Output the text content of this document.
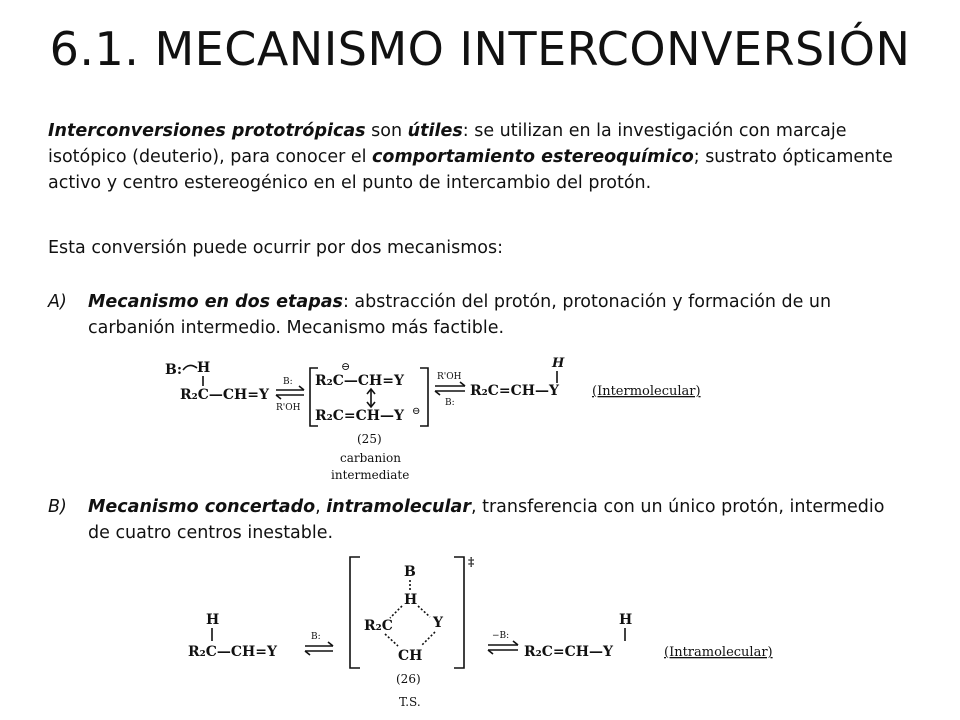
6.1. MECANISMO INTERCONVERSIÓN

Interconversiones prototrópicas son útiles: se utilizan en la investigación con marcaje isotópico (deuterio), para conocer el comportamiento estereoquímico; sustrato ópticamente activo y centro estereogénico en el punto de intercambio del protón.

Esta conversión puede ocurrir por dos mecanismos:

A) Mecanismo en dos etapas: abstracción del protón, protonación y formación de un carbanión intermedio. Mecanismo más factible.
B) Mecanismo concertado, intramolecular, transferencia con un único protón, intermedio de cuatro centros inestable.
B: H
R₂C—CH=Y
B:
R'OH
⊖
R₂C—CH=Y
R₂C=CH—Y ⊖
R'OH
B:
H
R₂C=CH—Y	(Intermolecular)
(25)
carbanion
intermediate
H
R₂C—CH=Y
B:
‡
B
H
R₂C	Y
CH
−B:
H
R₂C=CH—Y	(Intramolecular)
(26)
T.S.
